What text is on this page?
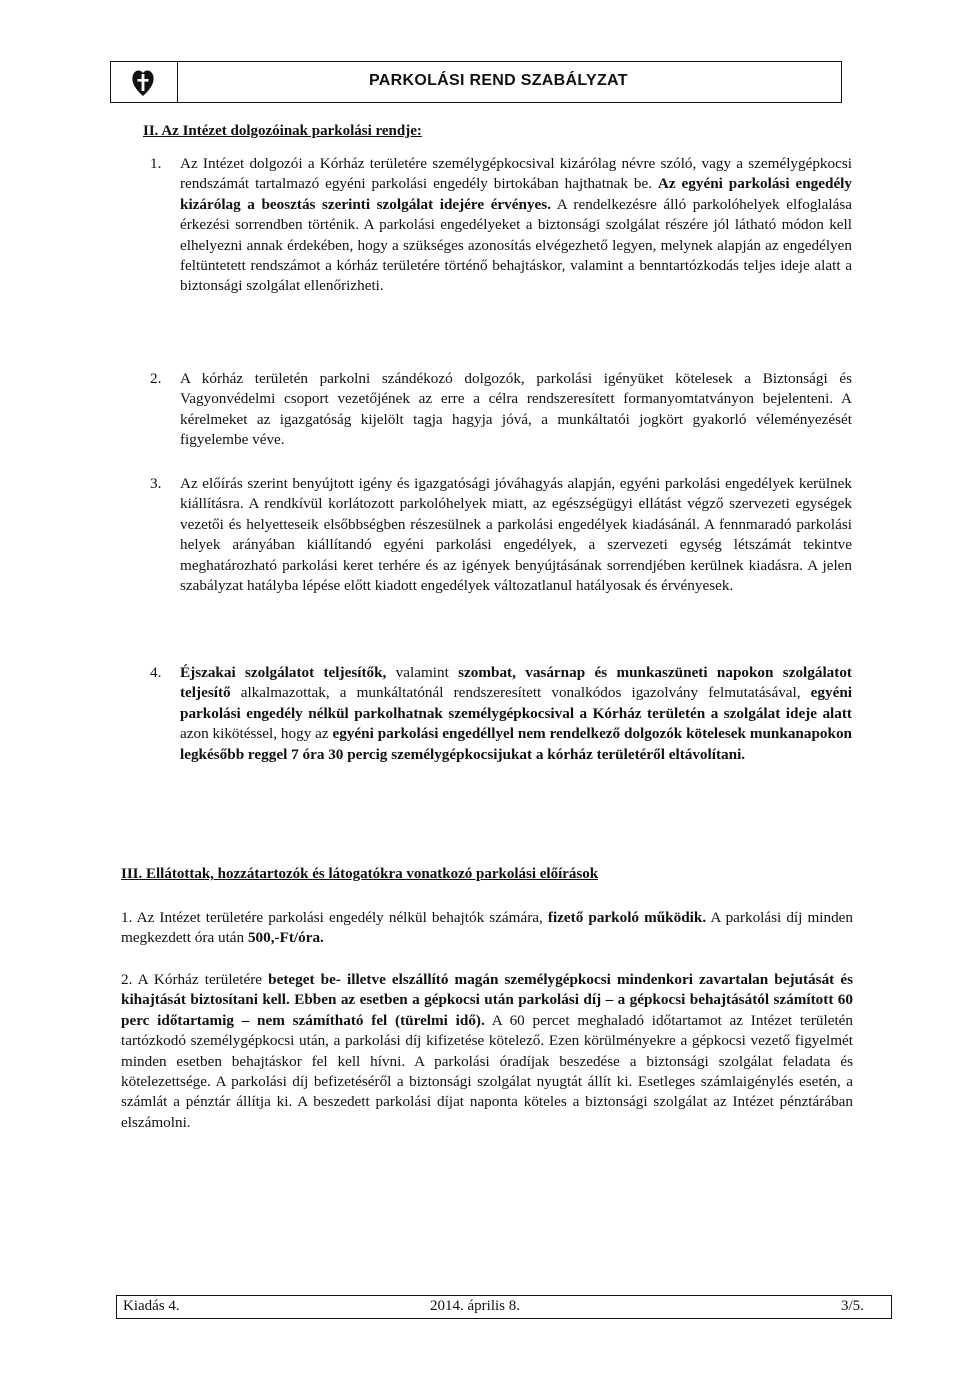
PARKOLÁSI REND SZABÁLYZAT
II. Az Intézet dolgozóinak parkolási rendje:
1. Az Intézet dolgozói a Kórház területére személygépkocsival kizárólag névre szóló, vagy a személygépkocsi rendszámát tartalmazó egyéni parkolási engedély birtokában hajthatnak be. Az egyéni parkolási engedély kizárólag a beosztás szerinti szolgálat idejére érvényes. A rendelkezésre álló parkolóhelyek elfoglalása érkezési sorrendben történik. A parkolási engedélyeket a biztonsági szolgálat részére jól látható módon kell elhelyezni annak érdekében, hogy a szükséges azonosítás elvégezhető legyen, melynek alapján az engedélyen feltüntetett rendszámot a kórház területére történő behajtáskor, valamint a benntartózkodás teljes ideje alatt a biztonsági szolgálat ellenőrizheti.
2. A kórház területén parkolni szándékozó dolgozók, parkolási igényüket kötelesek a Biztonsági és Vagyonvédelmi csoport vezetőjének az erre a célra rendszeresített formanyomtatványon bejelenteni. A kérelmeket az igazgatóság kijelölt tagja hagyja jóvá, a munkáltatói jogkört gyakorló véleményezését figyelembe véve.
3. Az előírás szerint benyújtott igény és igazgatósági jóváhagyás alapján, egyéni parkolási engedélyek kerülnek kiállításra. A rendkívül korlátozott parkolóhelyek miatt, az egészségügyi ellátást végző szervezeti egységek vezetői és helyetteseik elsőbbségben részesülnek a parkolási engedélyek kiadásánál. A fennmaradó parkolási helyek arányában kiállítandó egyéni parkolási engedélyek, a szervezeti egység létszámát tekintve meghatározható parkolási keret terhére és az igények benyújtásának sorrendjében kerülnek kiadásra. A jelen szabályzat hatályba lépése előtt kiadott engedélyek változatlanul hatályosak és érvényesek.
4. Éjszakai szolgálatot teljesítők, valamint szombat, vasárnap és munkaszüneti napokon szolgálatot teljesítő alkalmazottak, a munkáltatónál rendszeresített vonalkódos igazolvány felmutatásával, egyéni parkolási engedély nélkül parkolhatnak személygépkocsival a Kórház területén a szolgálat ideje alatt azon kikötéssel, hogy az egyéni parkolási engedéllyel nem rendelkező dolgozók kötelesek munkanapokon legkésőbb reggel 7 óra 30 percig személygépkocsijukat a kórház területéről eltávolítani.
III. Ellátottak, hozzátartozók és látogatókra vonatkozó parkolási előírások
1. Az Intézet területére parkolási engedély nélkül behajtók számára, fizető parkoló működik. A parkolási díj minden megkezdett óra után 500,-Ft/óra.
2. A Kórház területére beteget be- illetve elszállító magán személygépkocsi mindenkori zavartalan bejutását és kihajtását biztosítani kell. Ebben az esetben a gépkocsi után parkolási díj – a gépkocsi behajtásától számított 60 perc időtartamig – nem számítható fel (türelmi idő). A 60 percet meghaladó időtartamot az Intézet területén tartózkodó személygépkocsi után, a parkolási díj kifizetése kötelező. Ezen körülményekre a gépkocsi vezető figyelmét minden esetben behajtáskor fel kell hívni. A parkolási óradíjak beszedése a biztonsági szolgálat feladata és kötelezettsége. A parkolási díj befizetéséről a biztonsági szolgálat nyugtát állít ki. Esetleges számlaigénylés esetén, a számlát a pénztár állítja ki. A beszedett parkolási díjat naponta köteles a biztonsági szolgálat az Intézet pénztárában elszámolni.
Kiadás 4.	2014. április 8.	3/5.
